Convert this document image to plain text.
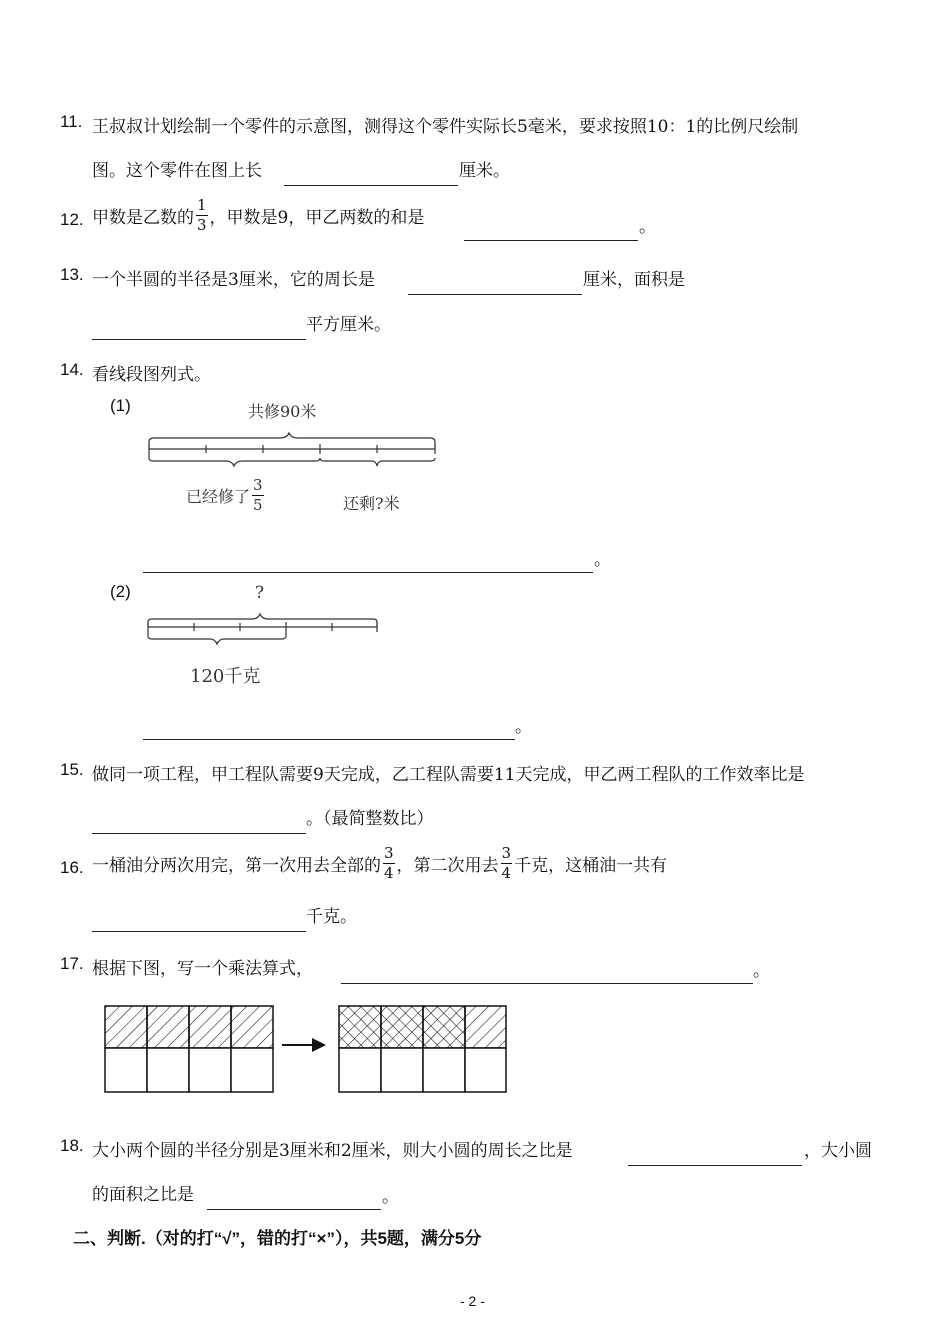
11. 王叔叔计划绘制一个零件的示意图，测得这个零件实际长5毫米，要求按照10：1的比例尺绘制
图。这个零件在图上长	厘米。
12. 甲数是乙数的 $\frac{1}{3}$ ，甲数是9，甲乙两数的和是	。
13. 一个半圆的半径是3厘米，它的周长是	厘米，面积是
平方厘米。
14. 看线段图列式。
(1)	共修90米
已经修了 $\frac{3}{5}$	还剩?米
。
(2)	?
120千克
。
15. 做同一项工程，甲工程队需要9天完成，乙工程队需要11天完成，甲乙两工程队的工作效率比是
。（最简整数比）
16. 一桶油分两次用完，第一次用去全部的 $\frac{3}{4}$ ，第二次用去 $\frac{3}{4}$ 千克，这桶油一共有
千克。
17. 根据下图，写一个乘法算式，	。
18. 大小两个圆的半径分别是3厘米和2厘米，则大小圆的周长之比是	，大小圆
的面积之比是	。
二、判断.（对的打“√”，错的打“×”），共5题，满分5分
- 2 -
